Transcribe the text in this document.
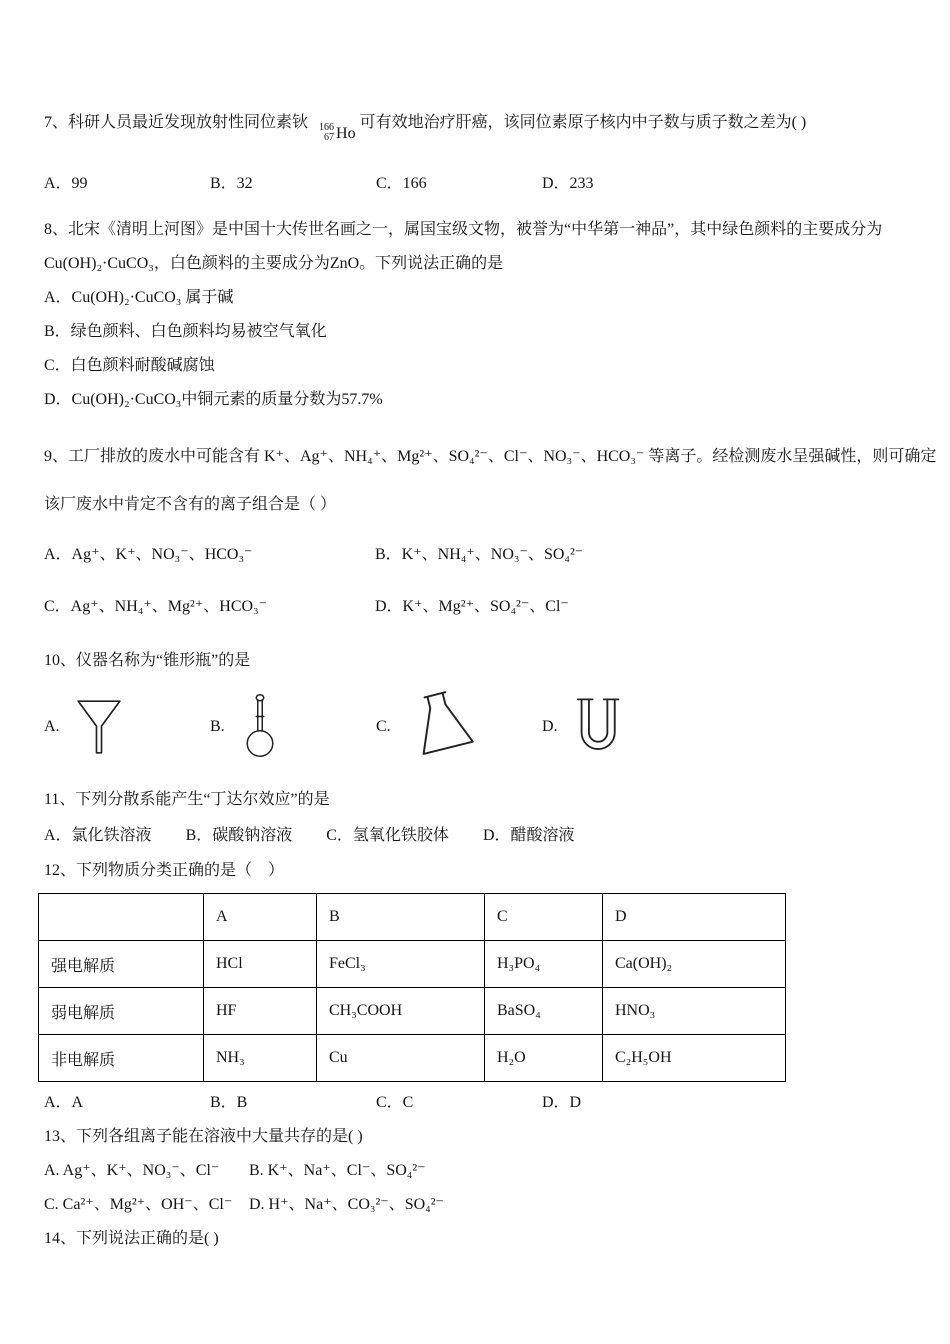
7、科研人员最近发现放射性同位素钬 166
67 Ho
可有效地治疗肝癌，该同位素原子核内中子数与质子数之差为( )
A．99	B．32	C．166	D．233
8、北宋《清明上河图》是中国十大传世名画之一，属国宝级文物，被誉为“中华第一神品”，其中绿色颜料的主要成分为
Cu(OH)₂·CuCO₃，白色颜料的主要成分为ZnO。下列说法正确的是
A．Cu(OH)₂·CuCO₃ 属于碱
B．绿色颜料、白色颜料均易被空气氧化
C．白色颜料耐酸碱腐蚀
D．Cu(OH)₂·CuCO₃中铜元素的质量分数为57.7%
9、工厂排放的废水中可能含有 K⁺、Ag⁺、NH₄⁺、Mg²⁺、SO₄²⁻、Cl⁻、NO₃⁻、HCO₃⁻ 等离子。经检测废水呈强碱性，则可确定
该厂废水中肯定不含有的离子组合是（ ）
A．Ag⁺、K⁺、NO₃⁻、HCO₃⁻	B．K⁺、NH₄⁺、NO₃⁻、SO₄²⁻
C．Ag⁺、NH₄⁺、Mg²⁺、HCO₃⁻	D．K⁺、Mg²⁺、SO₄²⁻、Cl⁻
10、仪器名称为“锥形瓶”的是
A.	B.	C.	D.
11、下列分散系能产生“丁达尔效应”的是
A．氯化铁溶液 B．碳酸钠溶液 C．氢氧化铁胶体 D．醋酸溶液
12、下列物质分类正确的是（　）
	A	B	C	D
强电解质	HCl	FeCl₃	H₃PO₄	Ca(OH)₂
弱电解质	HF	CH₃COOH	BaSO₄	HNO₃
非电解质	NH₃	Cu	H₂O	C₂H₅OH
A．A	B．B	C．C	D．D
13、下列各组离子能在溶液中大量共存的是( )
A. Ag⁺、K⁺、NO₃⁻、Cl⁻	B. K⁺、Na⁺、Cl⁻、SO₄²⁻
C. Ca²⁺、Mg²⁺、OH⁻、Cl⁻	D. H⁺、Na⁺、CO₃²⁻、SO₄²⁻
14、下列说法正确的是( )
